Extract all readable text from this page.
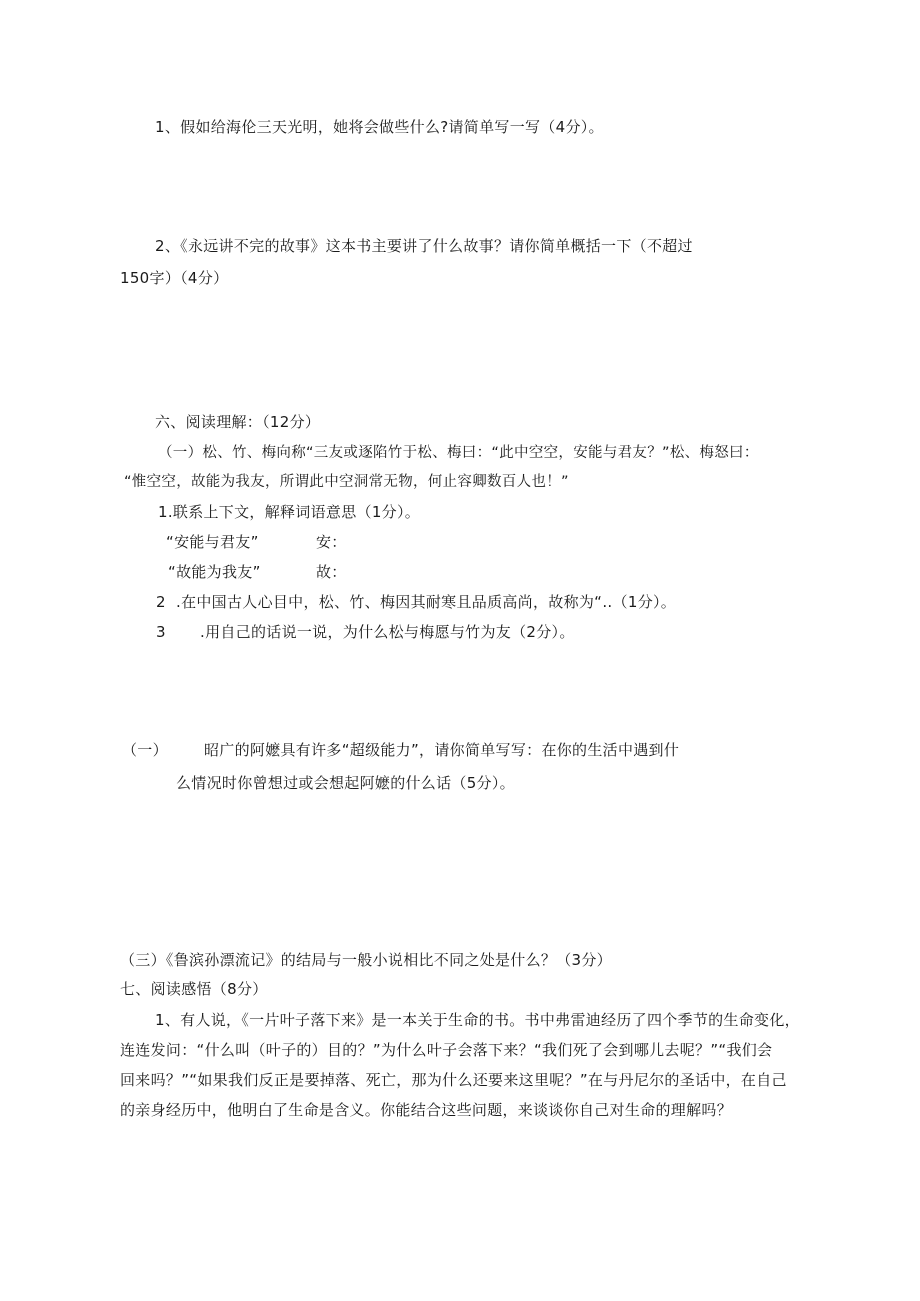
1、假如给海伦三天光明，她将会做些什么?请简单写一写（4分）。
2、《永远讲不完的故事》这本书主要讲了什么故事？请你简单概括一下（不超过
150字）（4分）
六、阅读理解：（12分）
（一）松、竹、梅向称“三友或逐陷竹于松、梅曰：“此中空空，安能与君友？”松、梅怒曰：
“惟空空，故能为我友，所谓此中空洞常无物，何止容卿数百人也！”
1.联系上下文，解释词语意思（1分）。
“安能与君友”	安：
“故能为我友”	故：
2 .在中国古人心目中，松、竹、梅因其耐寒且品质高尚，故称为“‥（1分）。
3 .用自己的话说一说，为什么松与梅愿与竹为友（2分）。
（一） 昭广的阿嬷具有许多“超级能力”，请你简单写写：在你的生活中遇到什
么情况时你曾想过或会想起阿嬷的什么话（5分）。
（三）《鲁滨孙漂流记》的结局与一般小说相比不同之处是什么？（3分）
七、阅读感悟（8分）
1、有人说，《一片叶子落下来》是一本关于生命的书。书中弗雷迪经历了四个季节的生命变化，
连连发问：“什么叫（叶子的）目的？”为什么叶子会落下来？“我们死了会到哪儿去呢？”“我们会
回来吗？”“如果我们反正是要掉落、死亡，那为什么还要来这里呢？”在与丹尼尔的圣话中，在自己
的亲身经历中，他明白了生命是含义。你能结合这些问题，来谈谈你自己对生命的理解吗？
